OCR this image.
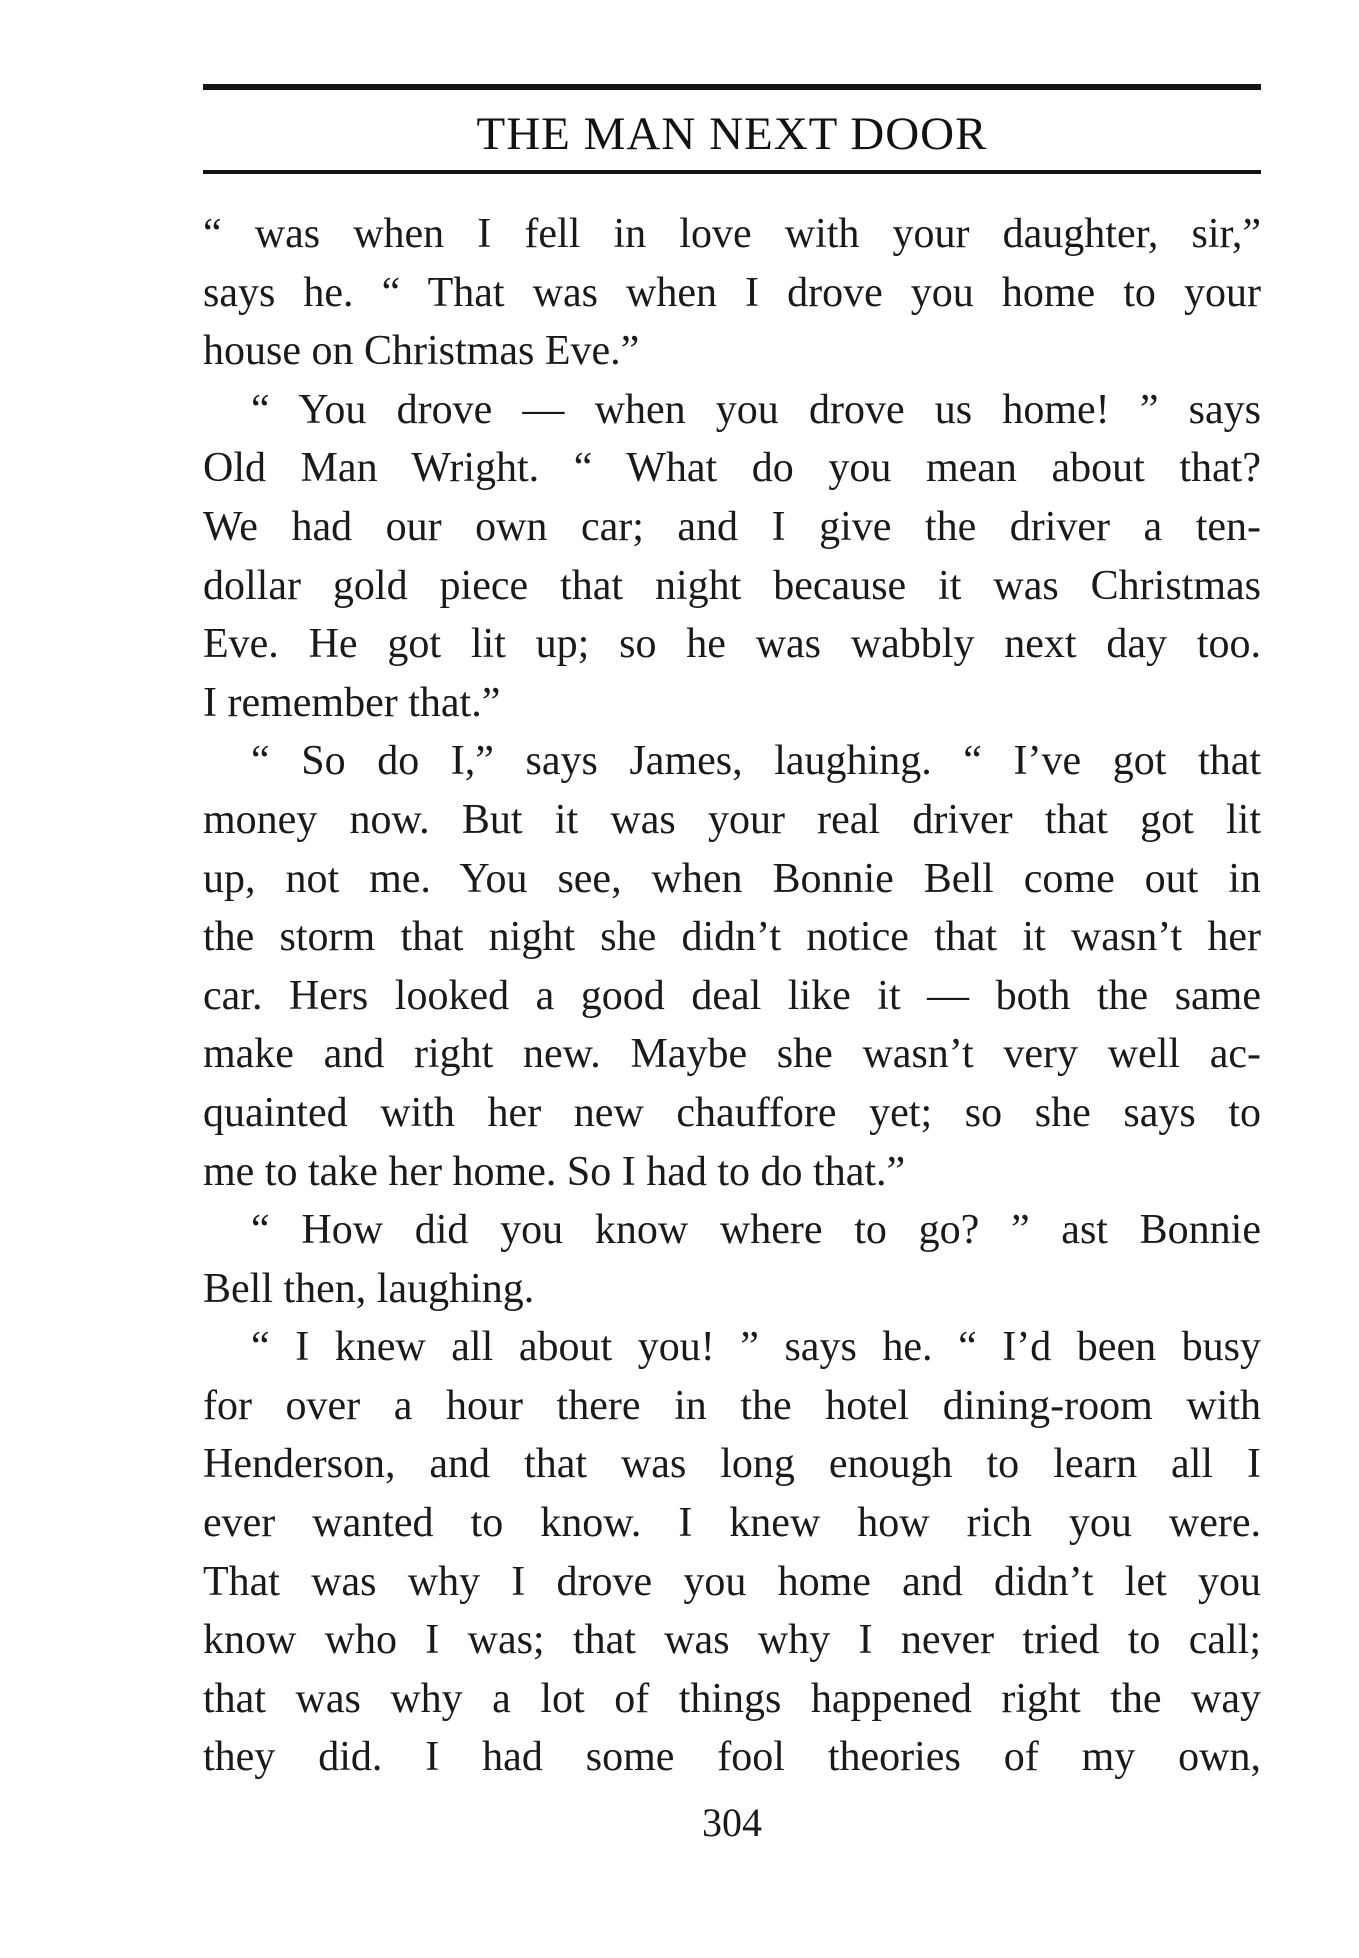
THE MAN NEXT DOOR
“ was when I fell in love with your daughter, sir,”
says he. “ That was when I drove you home to your
house on Christmas Eve.”
“ You drove — when you drove us home! ” says
Old Man Wright. “ What do you mean about that?
We had our own car; and I give the driver a ten-
dollar gold piece that night because it was Christmas
Eve. He got lit up; so he was wabbly next day too.
I remember that.”
“ So do I,” says James, laughing. “ I’ve got that
money now. But it was your real driver that got lit
up, not me. You see, when Bonnie Bell come out in
the storm that night she didn’t notice that it wasn’t her
car. Hers looked a good deal like it — both the same
make and right new. Maybe she wasn’t very well ac-
quainted with her new chauffore yet; so she says to
me to take her home. So I had to do that.”
“ How did you know where to go? ” ast Bonnie
Bell then, laughing.
“ I knew all about you! ” says he. “ I’d been busy
for over a hour there in the hotel dining-room with
Henderson, and that was long enough to learn all I
ever wanted to know. I knew how rich you were.
That was why I drove you home and didn’t let you
know who I was; that was why I never tried to call;
that was why a lot of things happened right the way
they did. I had some fool theories of my own,
304
